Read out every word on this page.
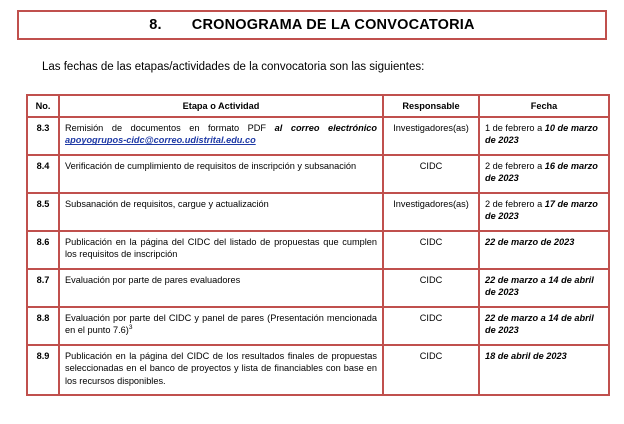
8. CRONOGRAMA DE LA CONVOCATORIA
Las fechas de las etapas/actividades de la convocatoria son las siguientes:
No.	Etapa o Actividad	Responsable	Fecha
8.3	Remisión de documentos en formato PDF al correo electrónico apoyogrupos-cidc@correo.udistrital.edu.co	Investigadores(as)	1 de febrero a 10 de marzo de 2023
8.4	Verificación de cumplimiento de requisitos de inscripción y subsanación	CIDC	2 de febrero a 16 de marzo de 2023
8.5	Subsanación de requisitos, cargue y actualización	Investigadores(as)	2 de febrero a 17 de marzo de 2023
8.6	Publicación en la página del CIDC del listado de propuestas que cumplen los requisitos de inscripción	CIDC	22 de marzo de 2023
8.7	Evaluación por parte de pares evaluadores	CIDC	22 de marzo a 14 de abril de 2023
8.8	Evaluación por parte del CIDC y panel de pares (Presentación mencionada en el punto 7.6)$^3$	CIDC	22 de marzo a 14 de abril de 2023
8.9	Publicación en la página del CIDC de los resultados finales de propuestas seleccionadas en el banco de proyectos y lista de financiables con base en los recursos disponibles.	CIDC	18 de abril de 2023
